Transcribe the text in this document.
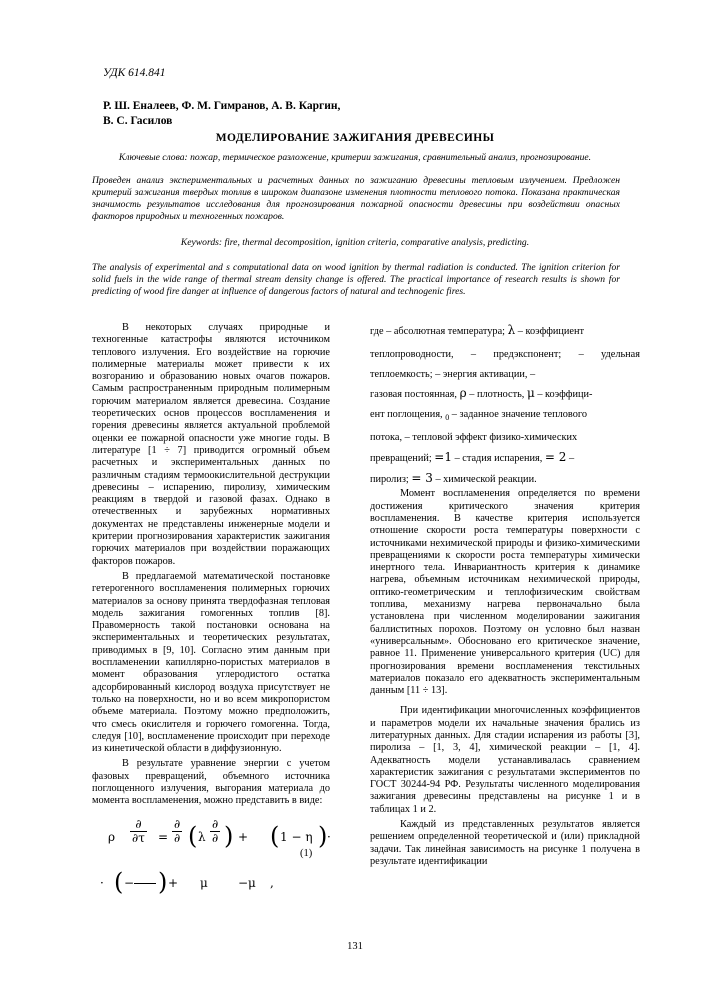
УДК 614.841
Р. Ш. Еналеев, Ф. М. Гимранов, А. В. Каргин,
В. С. Гасилов
МОДЕЛИРОВАНИЕ ЗАЖИГАНИЯ ДРЕВЕСИНЫ
Ключевые слова: пожар, термическое разложение, критерии зажигания, сравнительный анализ, прогнозирование.
Проведен анализ экспериментальных и расчетных данных по зажиганию древесины тепловым излучением. Предложен критерий зажигания твердых топлив в широком диапазоне изменения плотности теплового потока. Показана практическая значимость результатов исследования для прогнозирования пожарной опасности древесины при воздействии опасных факторов природных и техногенных пожаров.
Keywords: fire, thermal decomposition, ignition criteria, comparative analysis, predicting.
The analysis of experimental and s computational data on wood ignition by thermal radiation is conducted. The ignition criterion for solid fuels in the wide range of thermal stream density change is offered. The practical importance of research results is shown for predicting of wood fire danger at influence of dangerous factors of natural and technogenic fires.

В некоторых случаях природные и техногенные катастрофы являются источником теплового излучения. Его воздействие на горючие полимерные материалы может привести к их возгоранию и образованию новых очагов пожаров. Самым распространенным природным полимерным горючим материалом является древесина. Создание теоретических основ процессов воспламенения и горения древесины является актуальной проблемой оценки ее пожарной опасности уже многие годы. В литературе [1 ÷ 7] приводится огромный объем расчетных и экспериментальных данных по различным стадиям термоокислительной деструкции древесины – испарению, пиролизу, химическим реакциям в твердой и газовой фазах. Однако в отечественных и зарубежных нормативных документах не представлены инженерные модели и критерии прогнозирования характеристик зажигания горючих материалов при воздействии поражающих факторов пожаров.

В предлагаемой математической постановке гетерогенного воспламенения полимерных горючих материалов за основу принята твердофазная тепловая модель зажигания гомогенных топлив [8]. Правомерность такой постановки основана на экспериментальных и теоретических результатах, приводимых в [9, 10]. Согласно этим данным при воспламенении капиллярно-пористых материалов в момент образования углеродистого остатка адсорбированный кислород воздуха присутствует не только на поверхности, но и во всем микропористом объеме материала. Поэтому можно предположить, что смесь окислителя и горючего гомогенна. Тогда, следуя [10], воспламенение происходит при переходе из кинетической области в диффузионную.

В результате уравнение энергии с учетом фазовых превращений, объемного источника поглощенного излучения, выгорания материала до момента воспламенения, можно представить в виде:

ρ
∂
∂τ =
∂
∂ ( λ
∂
∂ ) + ( 1 − η ) ·
· ( − ) + μ	−μ ,
(1)
где – абсолютная температура; λ – коэффициент
теплопроводности, – предэкспонент; – удельная теплоемкость; – энергия активации, –
газовая постоянная, ρ – плотность, μ – коэффици-
ент поглощения, $_0$ – заданное значение теплового
потока, – тепловой эффект физико-химических
превращений; =1 – стадия испарения, = 2 –
пиролиз; = 3 – химической реакции.

Момент воспламенения определяется по времени достижения критического значения критерия воспламенения. В качестве критерия используется отношение скорости роста температуры поверхности с источниками нехимической природы и физико-химическими превращениями к скорости роста температуры химически инертного тела. Инвариантность критерия к динамике нагрева, объемным источникам нехимической природы, оптико-геометрическим и теплофизическим свойствам топлива, механизму нагрева первоначально была установлена при численном моделировании зажигания баллиститных порохов. Поэтому он условно был назван «универсальным». Обосновано его критическое значение, равное 11. Применение универсального критерия (UC) для прогнозирования времени воспламенения текстильных материалов показало его адекватность экспериментальным данным [11 ÷ 13].

При идентификации многочисленных коэффициентов и параметров модели их начальные значения брались из литературных данных. Для стадии испарения из работы [3], пиролиза – [1, 3, 4], химической реакции – [1, 4]. Адекватность модели устанавливалась сравнением характеристик зажигания с результатами экспериментов по ГОСТ 30244-94 РФ. Результаты численного моделирования зажигания древесины представлены на рисунке 1 и в таблицах 1 и 2.

Каждый из представленных результатов является решением определенной теоретической и (или) прикладной задачи. Так линейная зависимость на рисунке 1 получена в результате идентификации

131
